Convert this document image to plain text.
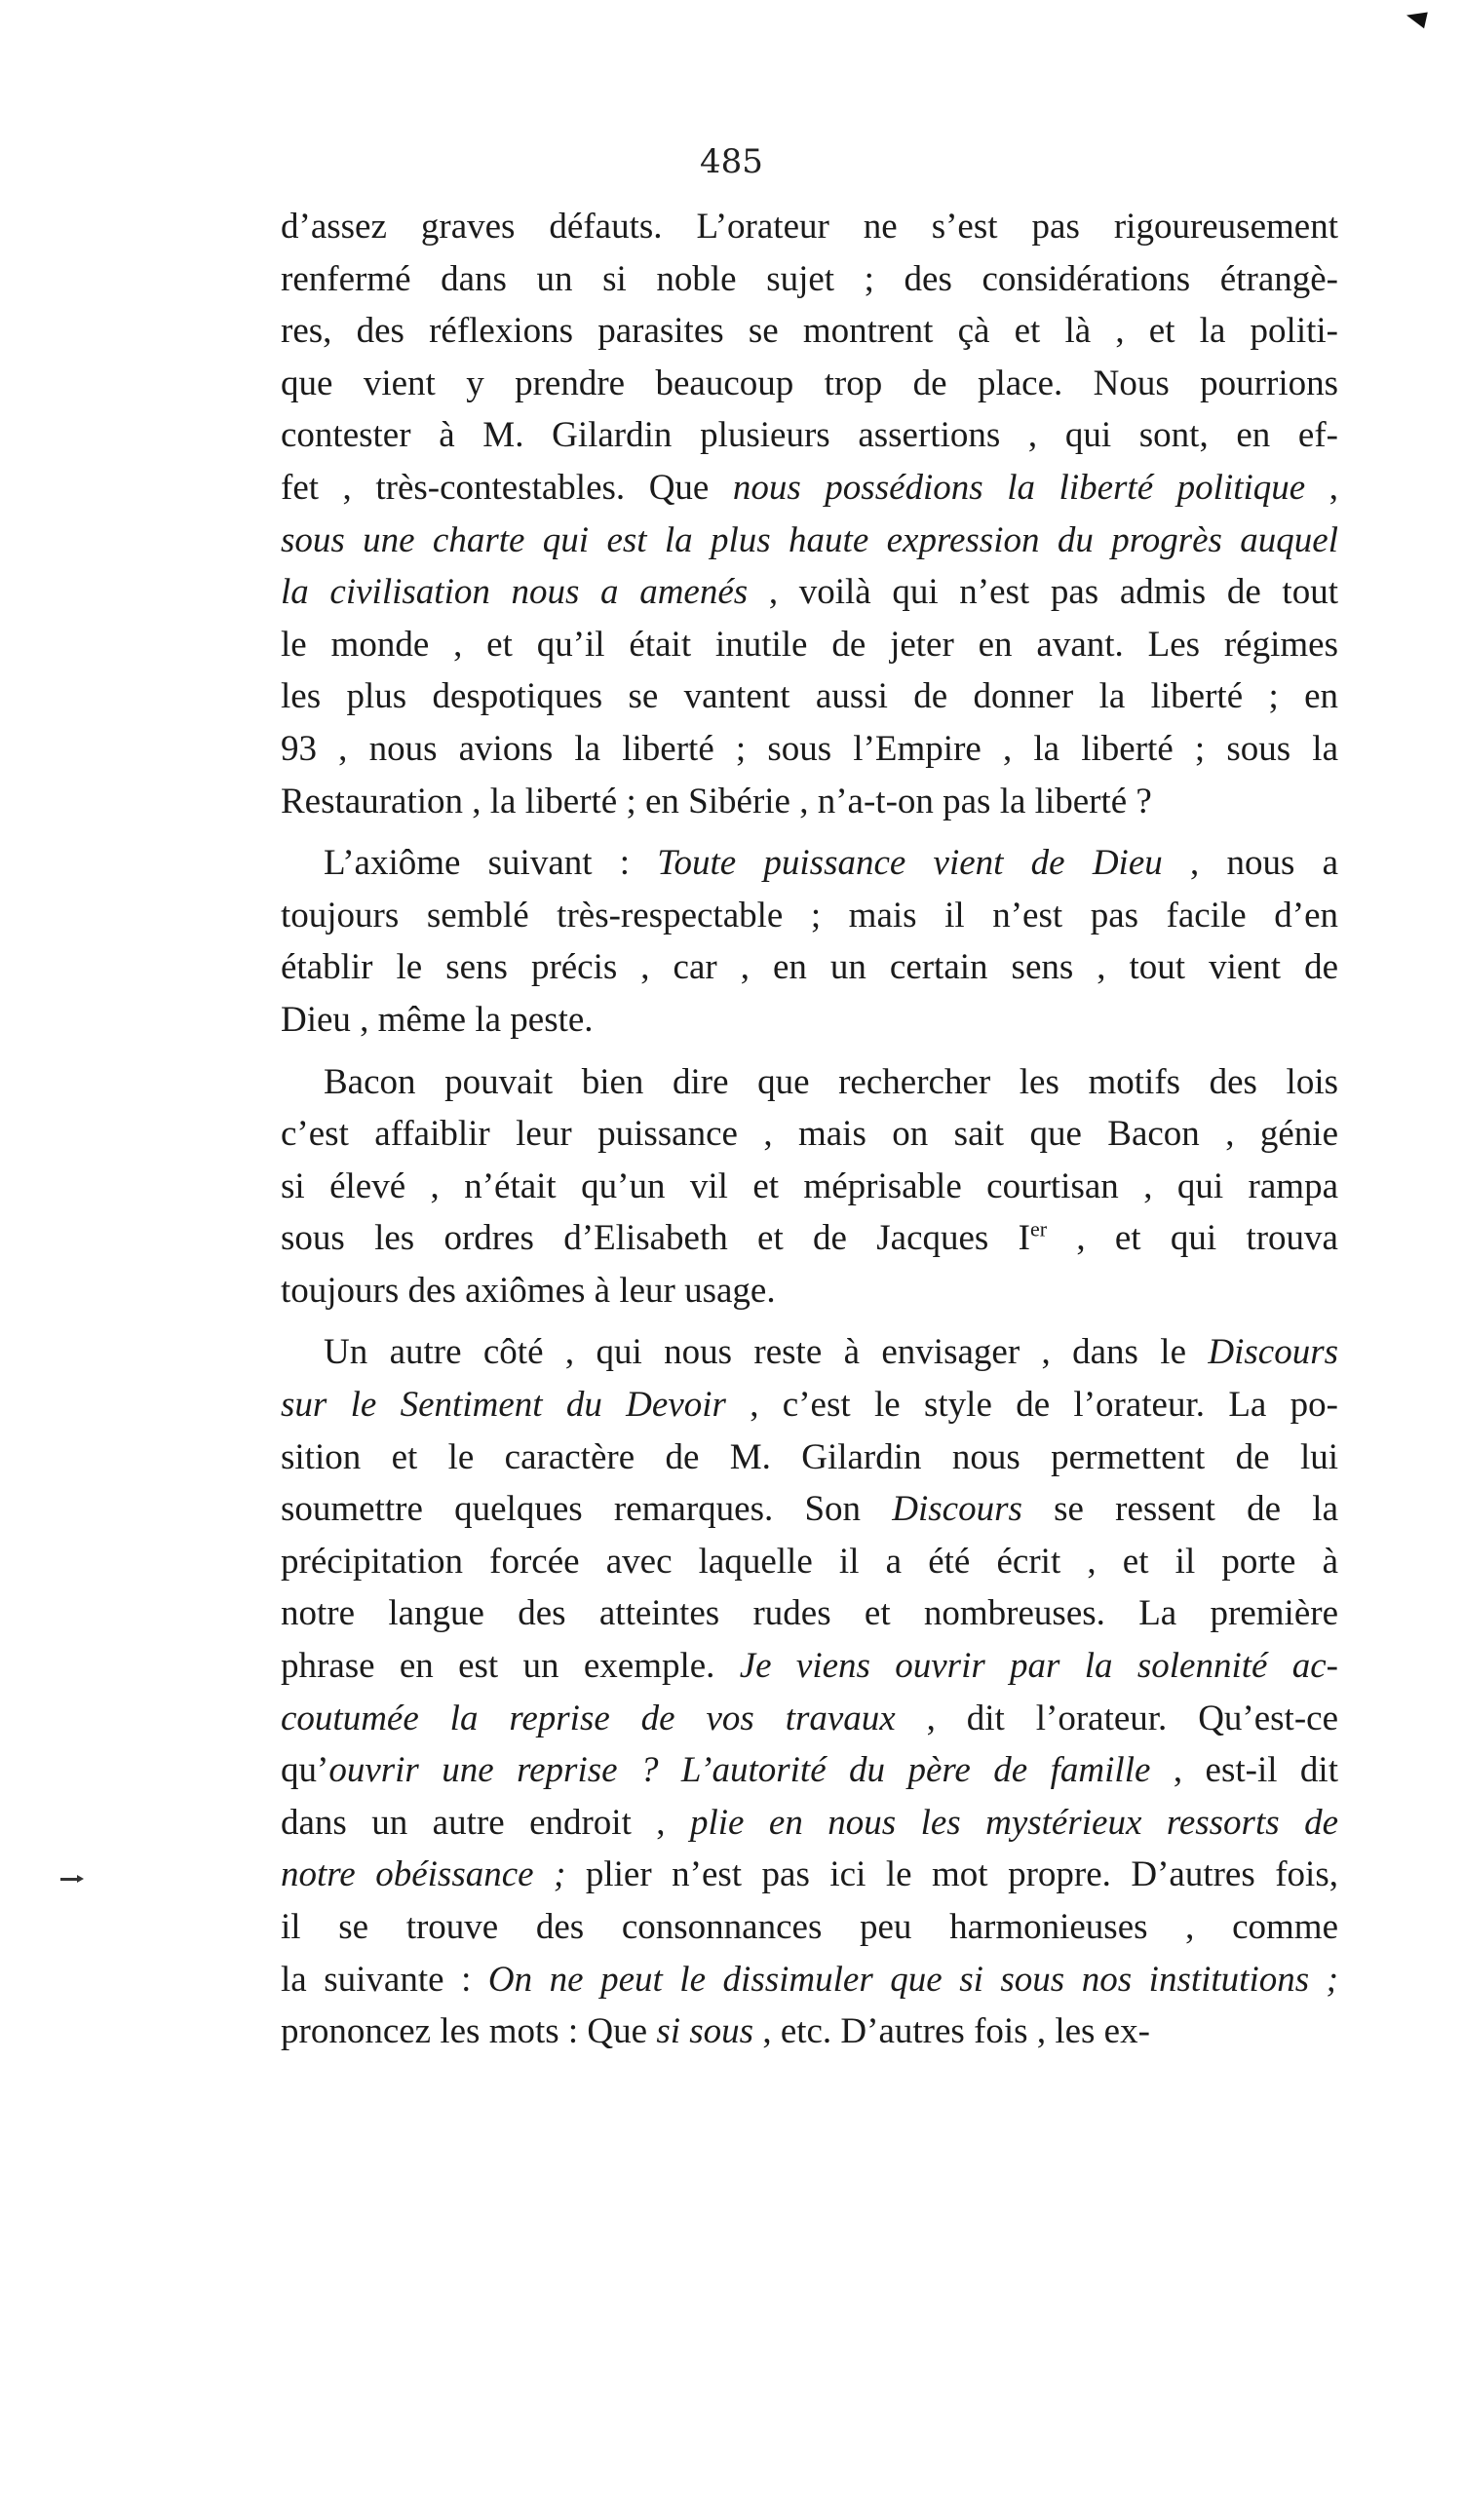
485
d’assez graves défauts. L’orateur ne s’est pas rigoureusement
renfermé dans un si noble sujet ; des considérations étrangè-
res, des réflexions parasites se montrent çà et là , et la politi-
que vient y prendre beaucoup trop de place. Nous pourrions
contester à M. Gilardin plusieurs assertions , qui sont, en ef-
fet , très-contestables. Que nous possédions la liberté politique ,
sous une charte qui est la plus haute expression du progrès auquel
la civilisation nous a amenés , voilà qui n’est pas admis de tout
le monde , et qu’il était inutile de jeter en avant. Les régimes
les plus despotiques se vantent aussi de donner la liberté ; en
93 , nous avions la liberté ; sous l’Empire , la liberté ; sous la
Restauration , la liberté ; en Sibérie , n’a-t-on pas la liberté ?
L’axiôme suivant : Toute puissance vient de Dieu , nous a
toujours semblé très-respectable ; mais il n’est pas facile d’en
établir le sens précis , car , en un certain sens , tout vient de
Dieu , même la peste.
Bacon pouvait bien dire que rechercher les motifs des lois
c’est affaiblir leur puissance , mais on sait que Bacon , génie
si élevé , n’était qu’un vil et méprisable courtisan , qui rampa
sous les ordres d’Elisabeth et de Jacques Ier , et qui trouva
toujours des axiômes à leur usage.
Un autre côté , qui nous reste à envisager , dans le Discours
sur le Sentiment du Devoir , c’est le style de l’orateur. La po-
sition et le caractère de M. Gilardin nous permettent de lui
soumettre quelques remarques. Son Discours se ressent de la
précipitation forcée avec laquelle il a été écrit , et il porte à
notre langue des atteintes rudes et nombreuses. La première
phrase en est un exemple. Je viens ouvrir par la solennité ac-
coutumée la reprise de vos travaux , dit l’orateur. Qu’est-ce
qu’ouvrir une reprise ? L’autorité du père de famille , est-il dit
dans un autre endroit , plie en nous les mystérieux ressorts de
notre obéissance ; plier n’est pas ici le mot propre. D’autres fois,
il se trouve des consonnances peu harmonieuses , comme
la suivante : On ne peut le dissimuler que si sous nos institutions ;
prononcez les mots : Que si sous , etc. D’autres fois , les ex-
